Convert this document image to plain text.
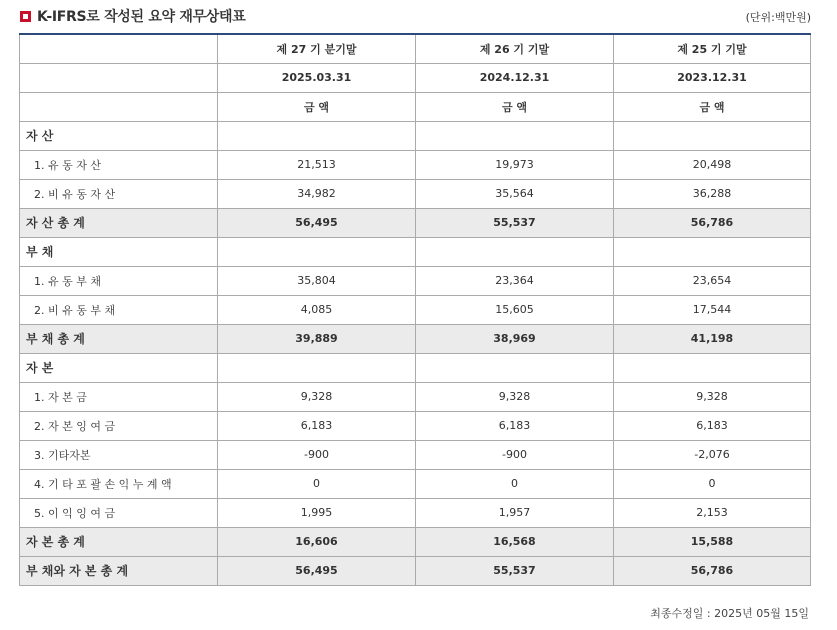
K-IFRS로 작성된 요약 재무상태표	(단위:백만원)
	제 27 기 분기말	제 26 기 기말	제 25 기 기말
	2025.03.31	2024.12.31	2023.12.31
	금 액	금 액	금 액
자 산			
1. 유 동 자 산	21,513	19,973	20,498
2. 비 유 동 자 산	34,982	35,564	36,288
자 산 총 계	56,495	55,537	56,786
부 채			
1. 유 동 부 채	35,804	23,364	23,654
2. 비 유 동 부 채	4,085	15,605	17,544
부 채 총 계	39,889	38,969	41,198
자 본			
1. 자 본 금	9,328	9,328	9,328
2. 자 본 잉 여 금	6,183	6,183	6,183
3. 기타자본	-900	-900	-2,076
4. 기 타 포 괄 손 익 누 계 액	0	0	0
5. 이 익 잉 여 금	1,995	1,957	2,153
자 본 총 계	16,606	16,568	15,588
부 채와 자 본 총 계	56,495	55,537	56,786
최종수정일 : 2025년 05월 15일
